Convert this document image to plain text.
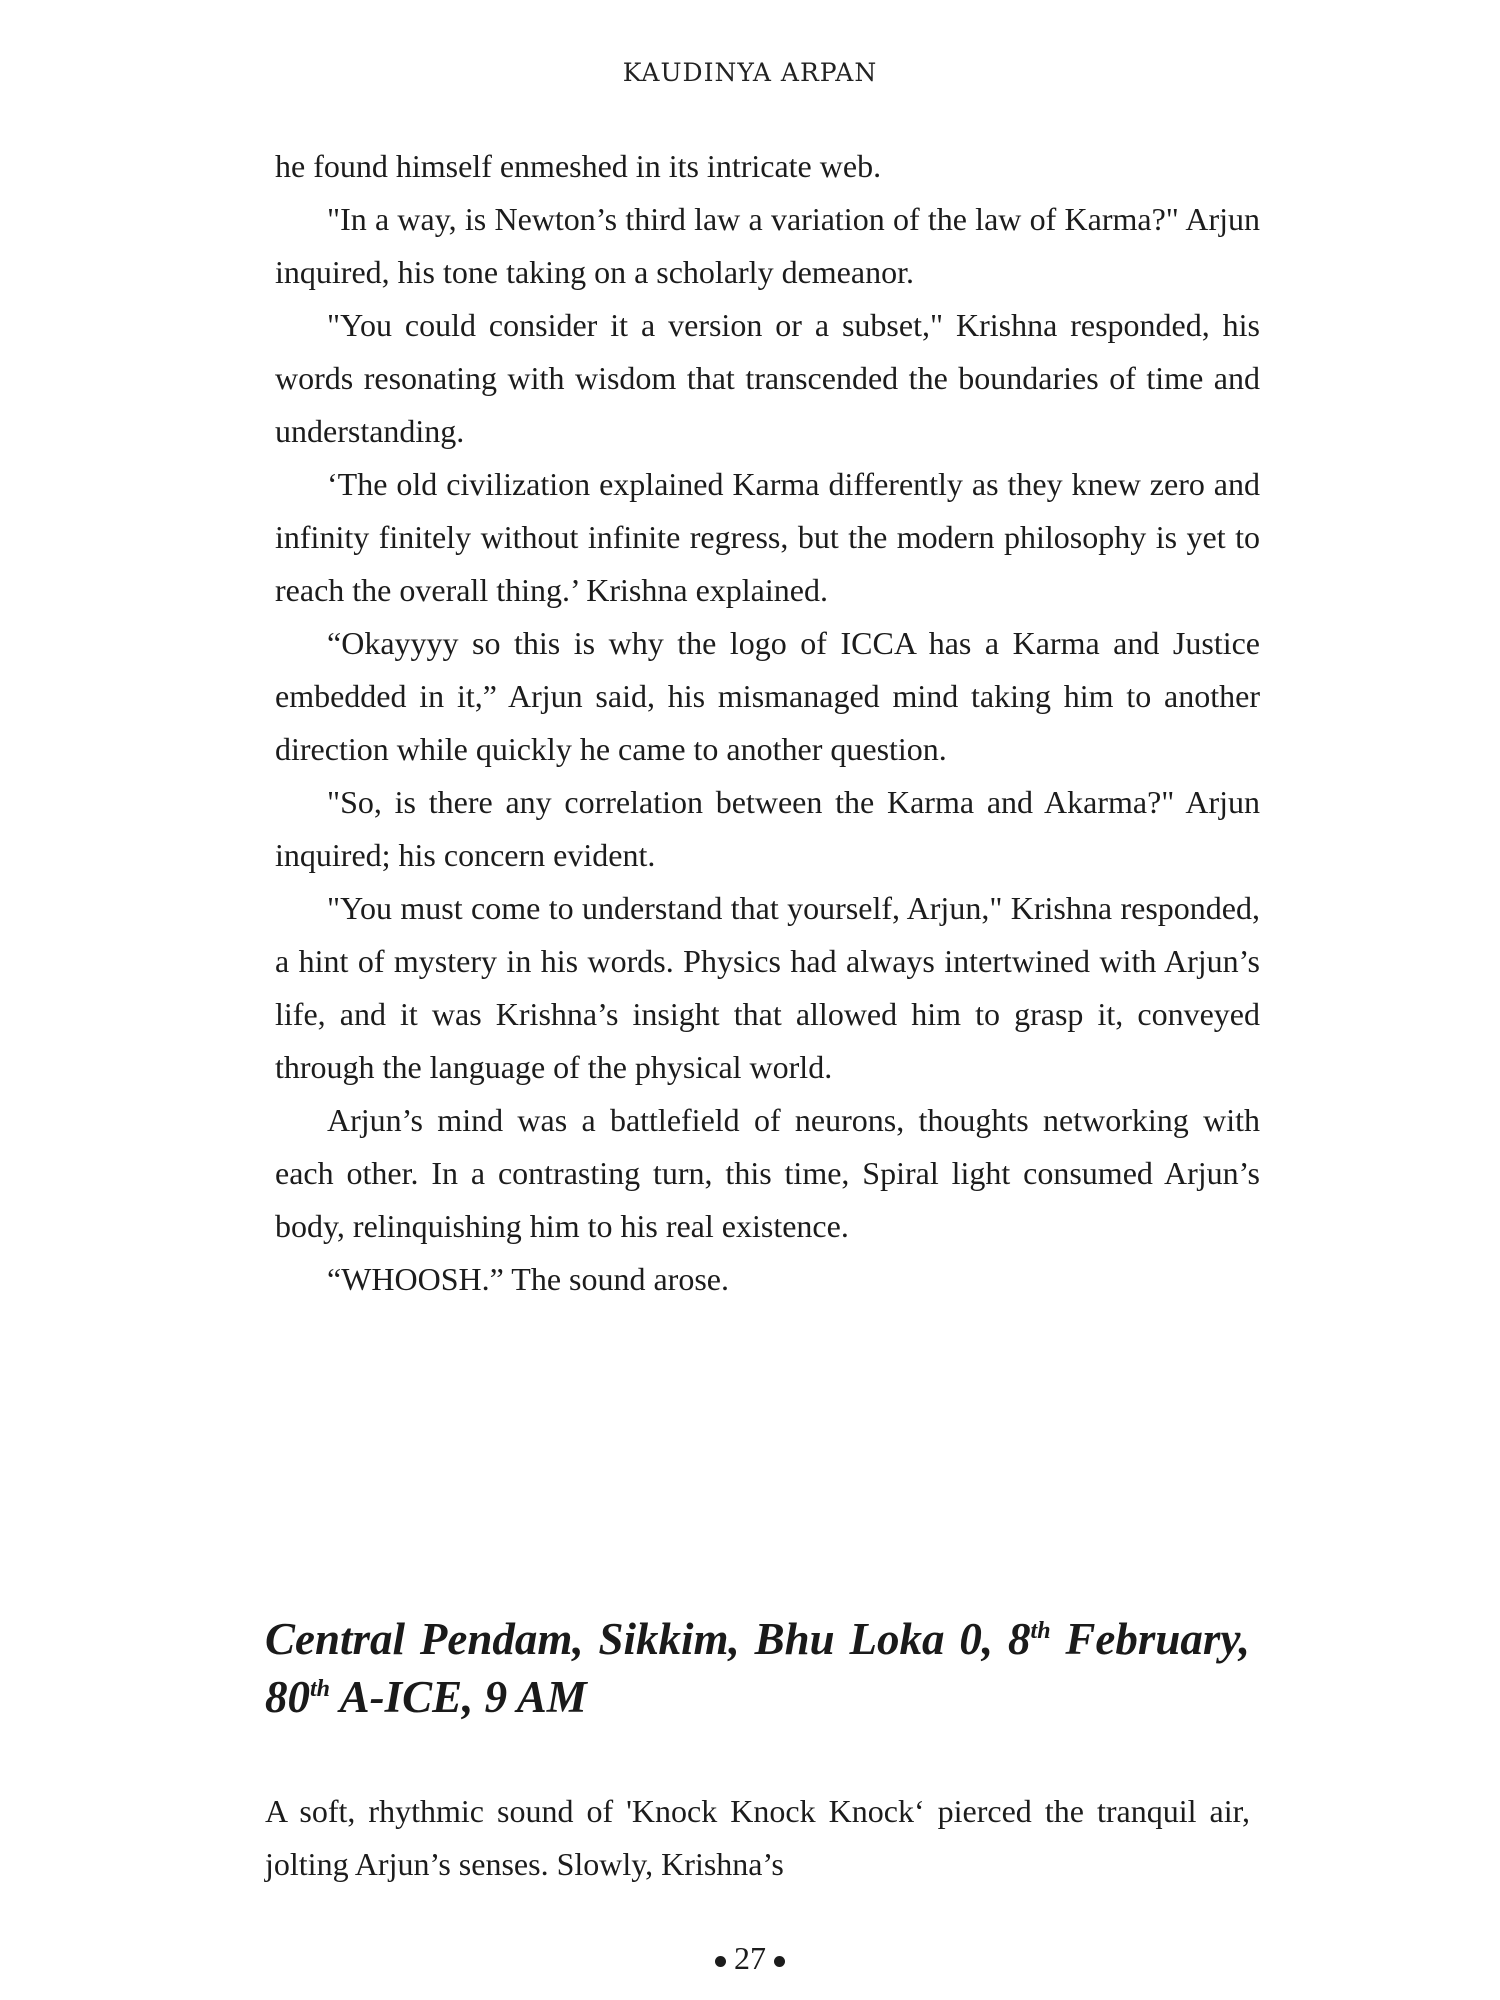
KAUDINYA ARPAN

he found himself enmeshed in its intricate web.

"In a way, is Newton’s third law a variation of the law of Karma?" Arjun inquired, his tone taking on a scholarly demeanor.

"You could consider it a version or a subset," Krishna responded, his words resonating with wisdom that transcended the boundaries of time and understanding.

‘The old civilization explained Karma differently as they knew zero and infinity finitely without infinite regress, but the modern philosophy is yet to reach the overall thing.’ Krishna explained.

“Okayyyy so this is why the logo of ICCA has a Karma and Justice embedded in it,” Arjun said, his mismanaged mind taking him to another direction while quickly he came to another question.

"So, is there any correlation between the Karma and Akarma?" Arjun inquired; his concern evident.

"You must come to understand that yourself, Arjun," Krishna responded, a hint of mystery in his words. Physics had always intertwined with Arjun’s life, and it was Krishna’s insight that allowed him to grasp it, conveyed through the language of the physical world.

Arjun’s mind was a battlefield of neurons, thoughts networking with each other. In a contrasting turn, this time, Spiral light consumed Arjun’s body, relinquishing him to his real existence.

“WHOOSH.” The sound arose.

Central Pendam, Sikkim, Bhu Loka 0, 8th February, 80th A-ICE, 9 AM

A soft, rhythmic sound of 'Knock Knock Knock‘ pierced the tranquil air, jolting Arjun’s senses. Slowly, Krishna’s

27
